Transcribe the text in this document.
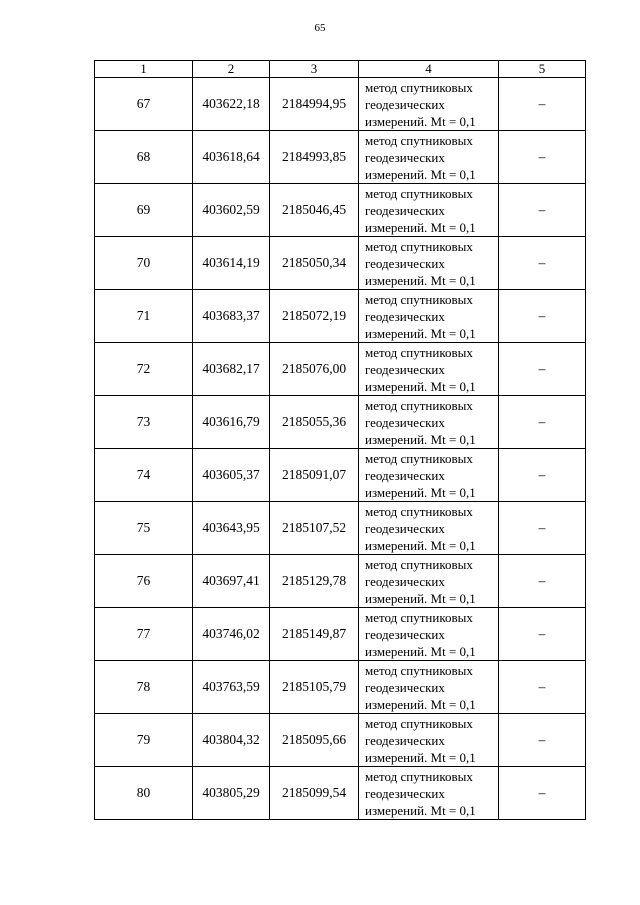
65
1	2	3	4	5
67	403622,18	2184994,95	метод спутниковых
геодезических
измерений. Mt = 0,1	–
68	403618,64	2184993,85	метод спутниковых
геодезических
измерений. Mt = 0,1	–
69	403602,59	2185046,45	метод спутниковых
геодезических
измерений. Mt = 0,1	–
70	403614,19	2185050,34	метод спутниковых
геодезических
измерений. Mt = 0,1	–
71	403683,37	2185072,19	метод спутниковых
геодезических
измерений. Mt = 0,1	–
72	403682,17	2185076,00	метод спутниковых
геодезических
измерений. Mt = 0,1	–
73	403616,79	2185055,36	метод спутниковых
геодезических
измерений. Mt = 0,1	–
74	403605,37	2185091,07	метод спутниковых
геодезических
измерений. Mt = 0,1	–
75	403643,95	2185107,52	метод спутниковых
геодезических
измерений. Mt = 0,1	–
76	403697,41	2185129,78	метод спутниковых
геодезических
измерений. Mt = 0,1	–
77	403746,02	2185149,87	метод спутниковых
геодезических
измерений. Mt = 0,1	–
78	403763,59	2185105,79	метод спутниковых
геодезических
измерений. Mt = 0,1	–
79	403804,32	2185095,66	метод спутниковых
геодезических
измерений. Mt = 0,1	–
80	403805,29	2185099,54	метод спутниковых
геодезических
измерений. Mt = 0,1	–
